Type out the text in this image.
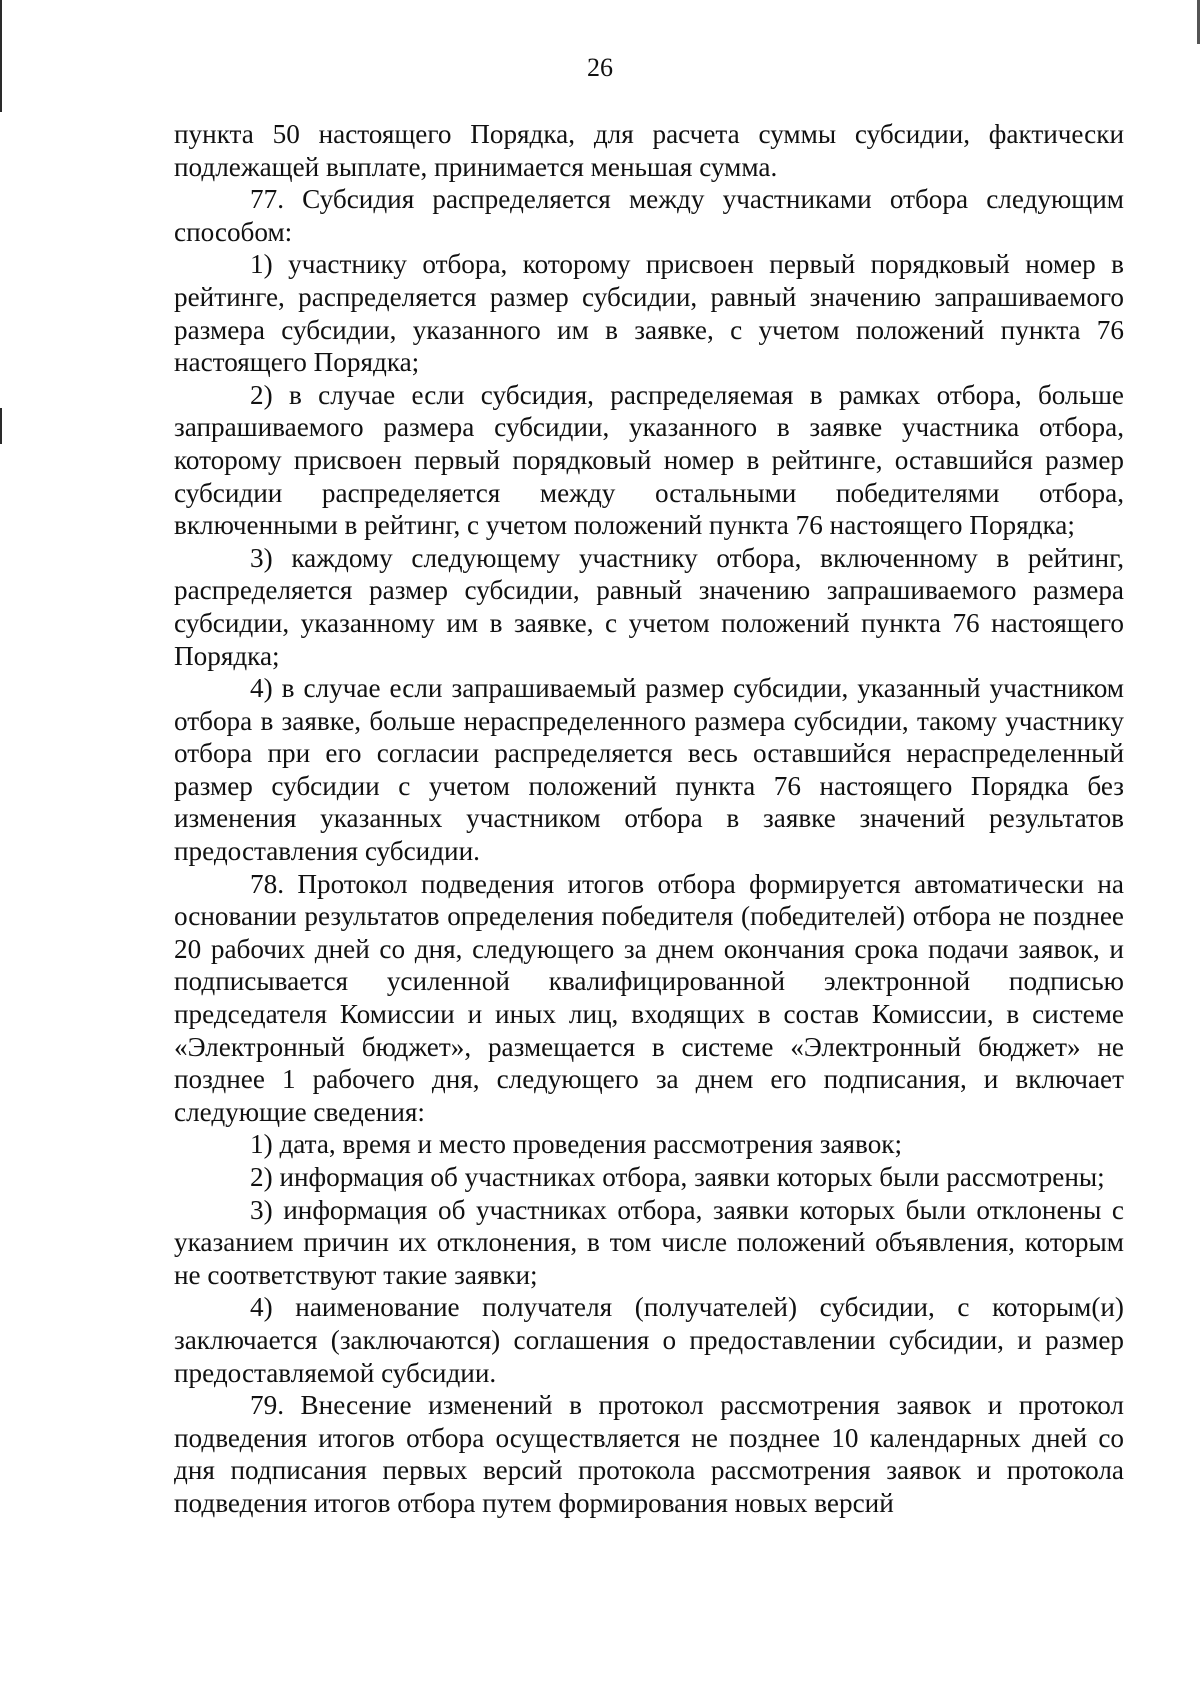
26

пункта 50 настоящего Порядка, для расчета суммы субсидии, фактически подлежащей выплате, принимается меньшая сумма.

77. Субсидия распределяется между участниками отбора следующим способом:

1) участнику отбора, которому присвоен первый порядковый номер в рейтинге, распределяется размер субсидии, равный значению запрашиваемого размера субсидии, указанного им в заявке, с учетом положений пункта 76 настоящего Порядка;

2) в случае если субсидия, распределяемая в рамках отбора, больше запрашиваемого размера субсидии, указанного в заявке участника отбора, которому присвоен первый порядковый номер в рейтинге, оставшийся размер субсидии распределяется между остальными победителями отбора, включенными в рейтинг, с учетом положений пункта 76 настоящего Порядка;

3) каждому следующему участнику отбора, включенному в рейтинг, распределяется размер субсидии, равный значению запрашиваемого размера субсидии, указанному им в заявке, с учетом положений пункта 76 настоящего Порядка;

4) в случае если запрашиваемый размер субсидии, указанный участником отбора в заявке, больше нераспределенного размера субсидии, такому участнику отбора при его согласии распределяется весь оставшийся нераспределенный размер субсидии с учетом положений пункта 76 настоящего Порядка без изменения указанных участником отбора в заявке значений результатов предоставления субсидии.

78. Протокол подведения итогов отбора формируется автоматически на основании результатов определения победителя (победителей) отбора не позднее 20 рабочих дней со дня, следующего за днем окончания срока подачи заявок, и подписывается усиленной квалифицированной электронной подписью председателя Комиссии и иных лиц, входящих в состав Комиссии, в системе «Электронный бюджет», размещается в системе «Электронный бюджет» не позднее 1 рабочего дня, следующего за днем его подписания, и включает следующие сведения:

1) дата, время и место проведения рассмотрения заявок;

2) информация об участниках отбора, заявки которых были рассмотрены;

3) информация об участниках отбора, заявки которых были отклонены с указанием причин их отклонения, в том числе положений объявления, которым не соответствуют такие заявки;

4) наименование получателя (получателей) субсидии, с которым(и) заключается (заключаются) соглашения о предоставлении субсидии, и размер предоставляемой субсидии.

79. Внесение изменений в протокол рассмотрения заявок и протокол подведения итогов отбора осуществляется не позднее 10 календарных дней со дня подписания первых версий протокола рассмотрения заявок и протокола подведения итогов отбора путем формирования новых версий
